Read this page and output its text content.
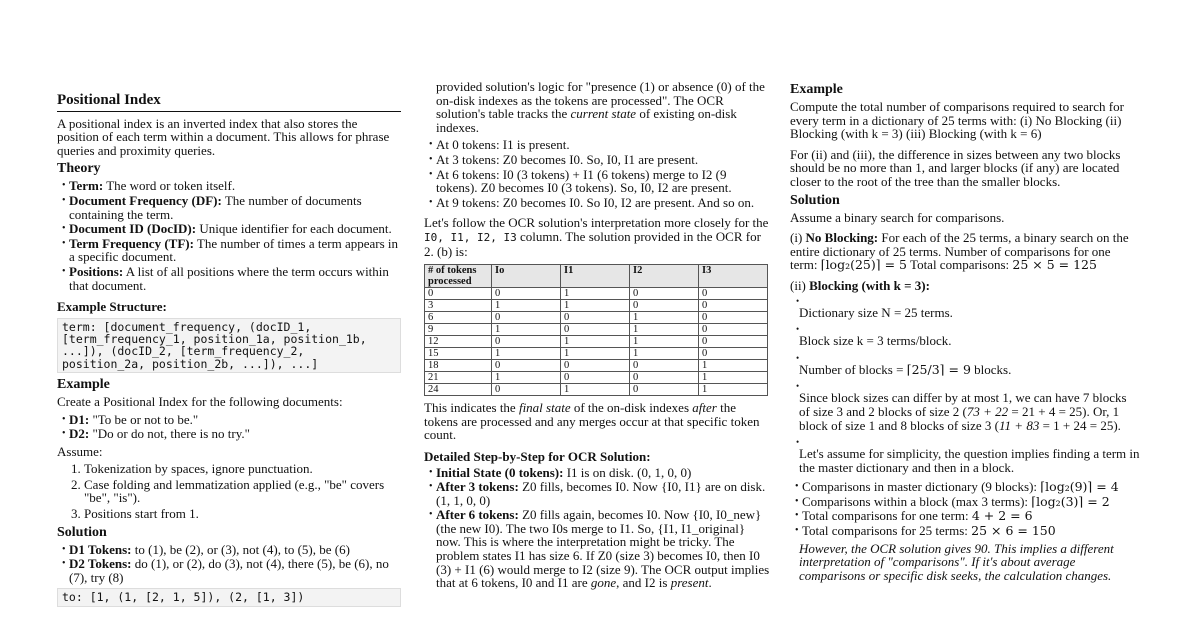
Positional Index

A positional index is an inverted index that also stores the position of each term within a document. This allows for phrase queries and proximity queries.

Theory
• Term: The word or token itself.
• Document Frequency (DF): The number of documents containing the term.
• Document ID (DocID): Unique identifier for each document.
• Term Frequency (TF): The number of times a term appears in a specific document.
• Positions: A list of all positions where the term occurs within that document.
Example Structure:
term: [document_frequency, (docID_1,
[term_frequency_1, position_1a, position_1b,
...]), (docID_2, [term_frequency_2,
position_2a, position_2b, ...]), ...]
Example

Create a Positional Index for the following documents:

• D1: "To be or not to be."
• D2: "Do or do not, there is no try."

Assume:

1. Tokenization by spaces, ignore punctuation.
2. Case folding and lemmatization applied (e.g., "be" covers "be", "is").
3. Positions start from 1.
Solution
• D1 Tokens: to (1), be (2), or (3), not (4), to (5), be (6)
• D2 Tokens: do (1), or (2), do (3), not (4), there (5), be (6), no (7), try (8)
to: [1, (1, [2, 1, 5]), (2, [1, 3])

provided solution's logic for "presence (1) or absence (0) of the on-disk indexes as the tokens are processed". The OCR solution's table tracks the current state of existing on-disk indexes.

• At 0 tokens: I1 is present.
• At 3 tokens: Z0 becomes I0. So, I0, I1 are present.
• At 6 tokens: I0 (3 tokens) + I1 (6 tokens) merge to I2 (9 tokens). Z0 becomes I0 (3 tokens). So, I0, I2 are present.
• At 9 tokens: Z0 becomes I0. So I0, I2 are present. And so on.

Let's follow the OCR solution's interpretation more closely for the I0, I1, I2, I3 column. The solution provided in the OCR for 2. (b) is:

# of tokens processed	Io	I1	I2	I3
0	0	1	0	0
3	1	1	0	0
6	0	0	1	0
9	1	0	1	0
12	0	1	1	0
15	1	1	1	0
18	0	0	0	1
21	1	0	0	1
24	0	1	0	1

This indicates the final state of the on-disk indexes after the tokens are processed and any merges occur at that specific token count.

Detailed Step-by-Step for OCR Solution:
• Initial State (0 tokens): I1 is on disk. (0, 1, 0, 0)
• After 3 tokens: Z0 fills, becomes I0. Now {I0, I1} are on disk. (1, 1, 0, 0)
• After 6 tokens: Z0 fills again, becomes I0. Now {I0, I0_new} (the new I0). The two I0s merge to I1. So, {I1, I1_original} now. This is where the interpretation might be tricky. The problem states I1 has size 6. If Z0 (size 3) becomes I0, then I0 (3) + I1 (6) would merge to I2 (size 9). The OCR output implies that at 6 tokens, I0 and I1 are gone, and I2 is present.
Example

Compute the total number of comparisons required to search for every term in a dictionary of 25 terms with: (i) No Blocking (ii) Blocking (with k = 3) (iii) Blocking (with k = 6)

For (ii) and (iii), the difference in sizes between any two blocks should be no more than 1, and larger blocks (if any) are located closer to the root of the tree than the smaller blocks.

Solution

Assume a binary search for comparisons.

(i) No Blocking: For each of the 25 terms, a binary search on the entire dictionary of 25 terms. Number of comparisons for one term: ⌈log₂(25)⌉ = 5 Total comparisons: 25 × 5 = 125

(ii) Blocking (with k = 3):

•
Dictionary size N = 25 terms.
•
Block size k = 3 terms/block.
•
Number of blocks = ⌈25/3⌉ = 9 blocks.
•
Since block sizes can differ by at most 1, we can have 7 blocks of size 3 and 2 blocks of size 2 (73 + 22 = 21 + 4 = 25). Or, 1 block of size 1 and 8 blocks of size 3 (11 + 83 = 1 + 24 = 25).
•
Let's assume for simplicity, the question implies finding a term in the master dictionary and then in a block.
• Comparisons in master dictionary (9 blocks): ⌈log₂(9)⌉ = 4
• Comparisons within a block (max 3 terms): ⌈log₂(3)⌉ = 2
• Total comparisons for one term: 4 + 2 = 6
• Total comparisons for 25 terms: 25 × 6 = 150

However, the OCR solution gives 90. This implies a different interpretation of "comparisons". If it's about average comparisons or specific disk seeks, the calculation changes.
